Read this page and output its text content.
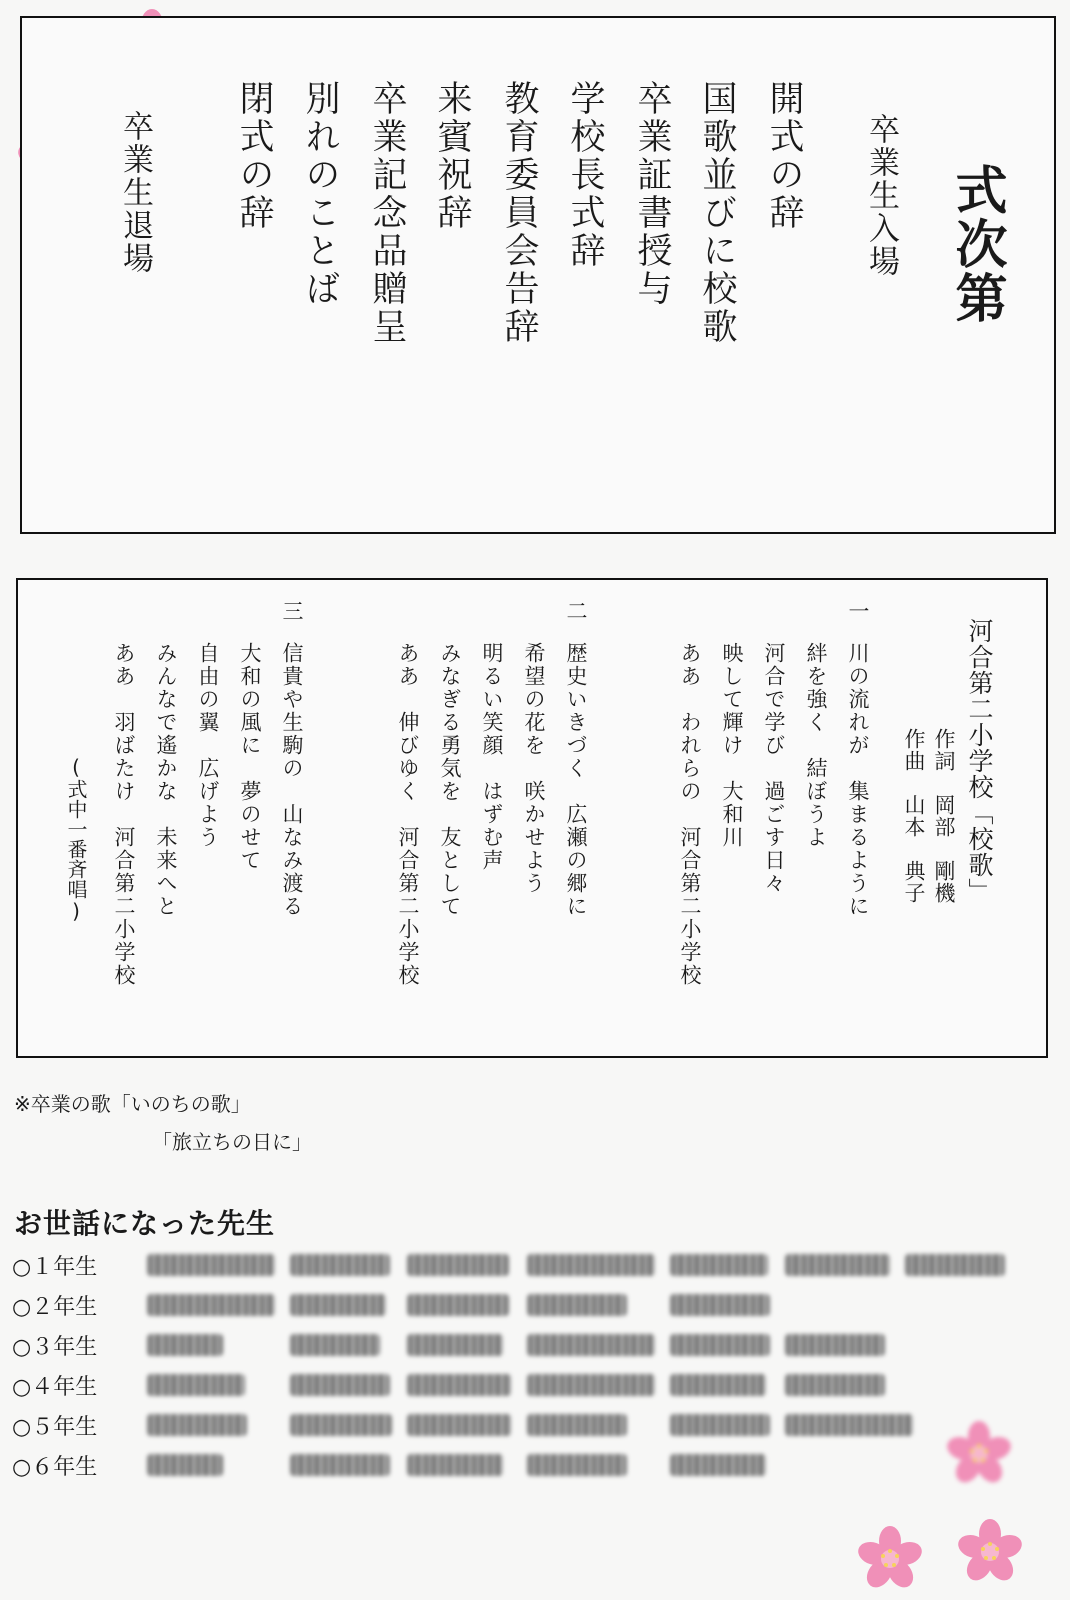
式次第
卒業生入場
開式の辞
国歌並びに校歌
卒業証書授与
学校長式辞
教育委員会告辞
来賓祝辞
卒業記念品贈呈
別れのことば
閉式の辞
卒業生退場
河合第二小学校「校歌」
作詞　岡部　剛機
作曲　山本　典子
一
川の流れが　集まるように
絆を強く　結ぼうよ
河合で学び　過ごす日々
映して輝け　大和川
ああ　われらの　河合第二小学校
二
歴史いきづく　広瀬の郷に
希望の花を　咲かせよう
明るい笑顔　はずむ声
みなぎる勇気を　友として
ああ　伸びゆく　河合第二小学校
三
信貴や生駒の　山なみ渡る
大和の風に　夢のせて
自由の翼　広げよう
みんなで遙かな　未来へと
ああ　羽ばたけ　河合第二小学校
(式中一番斉唱)
※卒業の歌「いのちの歌」
「旅立ちの日に」
お世話になった先生
○１年生
○２年生
○３年生
○４年生
○５年生
○６年生
